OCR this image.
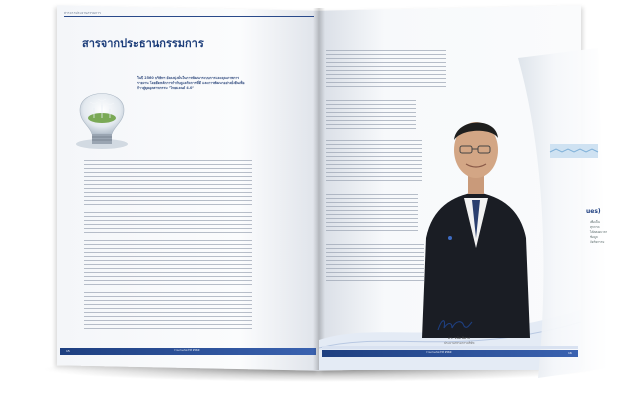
สารจากประธานกรรมการ
สารจากประธานกรรมการ
ในปี 2560 บริษัทฯ ยังคงมุ่งมั่นในการพัฒนาระบบการและคุณภาพการรายงาน โดยยึดหลักการกำกับดูแลกิจการที่ดี และการพัฒนาอย่างยั่งยืนเพื่อก้าวสู่ยุคอุตสาหกรรม "ไทยแลนด์ 4.0"
15	รายงานประจำปี 2560
ues)
เพื่อเป็น
ทุกภาค
ได้ตลอดเวลา
ข้อมูล
จัดกิจกรรม
ดร. ชนัย พิศาล
ประธานกรรมการบริษัท
รายงานประจำปี 2560	16
